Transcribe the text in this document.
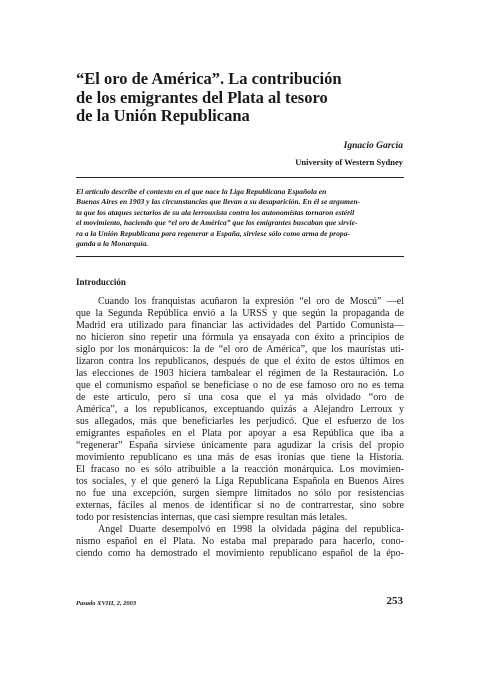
“El oro de América”. La contribución
de los emigrantes del Plata al tesoro
de la Unión Republicana
Ignacio García
University of Western Sydney
El artículo describe el contexto en el que nace la Liga Republicana Española en
Buenos Aires en 1903 y las circunstancias que llevan a su desaparición. En él se argumen-
ta que los ataques sectarios de su ala lerrouxista contra los autonomistas tornaron estéril
el movimiento, haciendo que “el oro de América” que los emigrantes buscaban que sirvie-
ra a la Unión Republicana para regenerar a España, sirviese sólo como arma de propa-
ganda a la Monarquía.
Introducción
Cuando los franquistas acuñaron la expresión “el oro de Moscú” —el
que la Segunda República envió a la URSS y que según la propaganda de
Madrid era utilizado para financiar las actividades del Partido Comunista—
no hicieron sino repetir una fórmula ya ensayada con éxito a principios de
siglo por los monárquicos: la de “el oro de América”, que los maurístas uti-
lizaron contra los republicanos, después de que el éxito de estos últimos en
las elecciones de 1903 hiciera tambalear el régimen de la Restauración. Lo
que el comunismo español se benefíciase o no de ese famoso oro no es tema
de este artículo, pero sí una cosa que el ya más olvidado “oro de
América”, a los republicanos, exceptuando quizás a Alejandro Lerroux y
sus allegados, más que beneficiarles les perjudicó. Que el esfuerzo de los
emigrantes españoles en el Plata por apoyar a esa República que iba a
“regenerar” España sirviese únicamente para agudizar la crisis del propio
movimiento republicano es una más de esas ironías que tiene la Historia.
El fracaso no es sólo atribuible a la reacción monárquica. Los movimien-
tos sociales, y el que generó la Liga Republicana Española en Buenos Aires
no fue una excepción, surgen siempre limitados no sólo por resistencias
externas, fáciles al menos de identificar si no de contrarrestar, sino sobre
todo por resistencias internas, que casi siempre resultan más letales.
Ángel Duarte desempolvó en 1998 la olvidada página del republica-
nismo español en el Plata. No estaba mal preparado para hacerlo, cono-
ciendo como ha demostrado el movimiento republicano español de la épo-
Pasado XVIII, 2, 2003	253
